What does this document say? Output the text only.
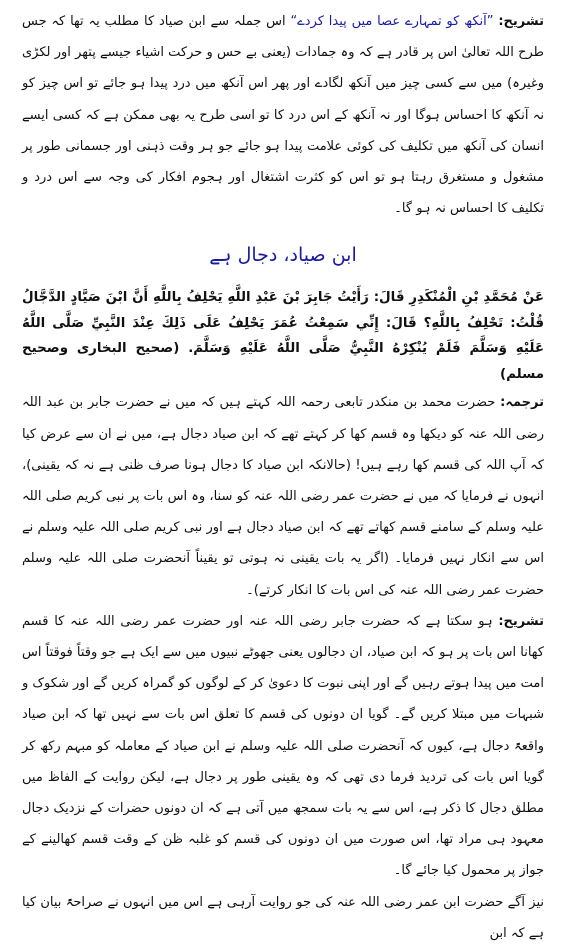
تشریح: ”آنکھ کو تمہارے عصا میں پیدا کردے“ اس جملہ سے ابن صیاد کا مطلب یہ تھا کہ جس طرح اللہ تعالیٰ اس پر قادر ہے کہ وہ جمادات (یعنی بے حس و حرکت اشیاء جیسے پتھر اور لکڑی وغیرہ) میں سے کسی چیز میں آنکھ لگادے اور پھر اس آنکھ میں درد پیدا ہو جائے تو اس چیز کو نہ آنکھ کا احساس ہوگا اور نہ آنکھ کے اس درد کا تو اسی طرح یہ بھی ممکن ہے کہ کسی ایسے انسان کی آنکھ میں تکلیف کی کوئی علامت پیدا ہو جائے جو ہر وقت ذہنی اور جسمانی طور پر مشغول و مستغرق رہتا ہو تو اس کو کثرت اشتغال اور ہجوم افکار کی وجہ سے اس درد و تکلیف کا احساس نہ ہو گا۔

ابن صیاد، دجال ہے

عَنْ مُحَمَّدِ بْنِ الْمُنْكَدِرِ قَالَ: رَأَيْتُ جَابِرَ بْنَ عَبْدِ اللَّهِ يَحْلِفُ بِاللَّهِ أَنَّ ابْنَ صَيَّادٍ الدَّجَّالُ قُلْتُ: تَحْلِفُ بِاللَّهِ؟ قَالَ: إِنِّي سَمِعْتُ عُمَرَ يَحْلِفُ عَلَى ذَلِكَ عِنْدَ النَّبِيِّ صَلَّى اللَّهُ عَلَيْهِ وَسَلَّمَ فَلَمْ يُنْكِرْهُ النَّبِيُّ صَلَّى اللَّهُ عَلَيْهِ وَسَلَّمَ. (صحيح البخاری وصحيح مسلم)

ترجمہ: حضرت محمد بن منکدر تابعی رحمہ اللہ کہتے ہیں کہ میں نے حضرت جابر بن عبد اللہ رضی اللہ عنہ کو دیکھا وہ قسم کھا کر کہتے تھے کہ ابن صیاد دجال ہے، میں نے ان سے عرض کیا کہ آپ اللہ کی قسم کھا رہے ہیں! (حالانکہ ابن صیاد کا دجال ہونا صرف ظنی ہے نہ کہ یقینی)، انہوں نے فرمایا کہ میں نے حضرت عمر رضی اللہ عنہ کو سنا، وہ اس بات پر نبی کریم صلی اللہ علیہ وسلم کے سامنے قسم کھاتے تھے کہ ابن صیاد دجال ہے اور نبی کریم صلی اللہ علیہ وسلم نے اس سے انکار نہیں فرمایا۔ (اگر یہ بات یقینی نہ ہوتی تو یقیناً آنحضرت صلی اللہ علیہ وسلم حضرت عمر رضی اللہ عنہ کی اس بات کا انکار کرتے)۔

تشریح: ہو سکتا ہے کہ حضرت جابر رضی اللہ عنہ اور حضرت عمر رضی اللہ عنہ کا قسم کھانا اس بات پر ہو کہ ابن صیاد، ان دجالوں یعنی جھوٹے نبیوں میں سے ایک ہے جو وقتاً فوقتاً اس امت میں پیدا ہوتے رہیں گے اور اپنی نبوت کا دعویٰ کر کے لوگوں کو گمراہ کریں گے اور شکوک و شبہات میں مبتلا کریں گے۔ گویا ان دونوں کی قسم کا تعلق اس بات سے نہیں تھا کہ ابن صیاد واقعۃً دجال ہے، کیوں کہ آنحضرت صلی اللہ علیہ وسلم نے ابن صیاد کے معاملہ کو مبہم رکھ کر گویا اس بات کی تردید فرما دی تھی کہ وہ یقینی طور پر دجال ہے، لیکن روایت کے الفاظ میں مطلق دجال کا ذکر ہے، اس سے یہ بات سمجھ میں آتی ہے کہ ان دونوں حضرات کے نزدیک دجال معہود ہی مراد تھا، اس صورت میں ان دونوں کی قسم کو غلبہ ظن کے وقت قسم کھالینے کے جواز پر محمول کیا جائے گا۔

نیز آگے حضرت ابن عمر رضی اللہ عنہ کی جو روایت آرہی ہے اس میں انہوں نے صراحۃً بیان کیا ہے کہ ابن
